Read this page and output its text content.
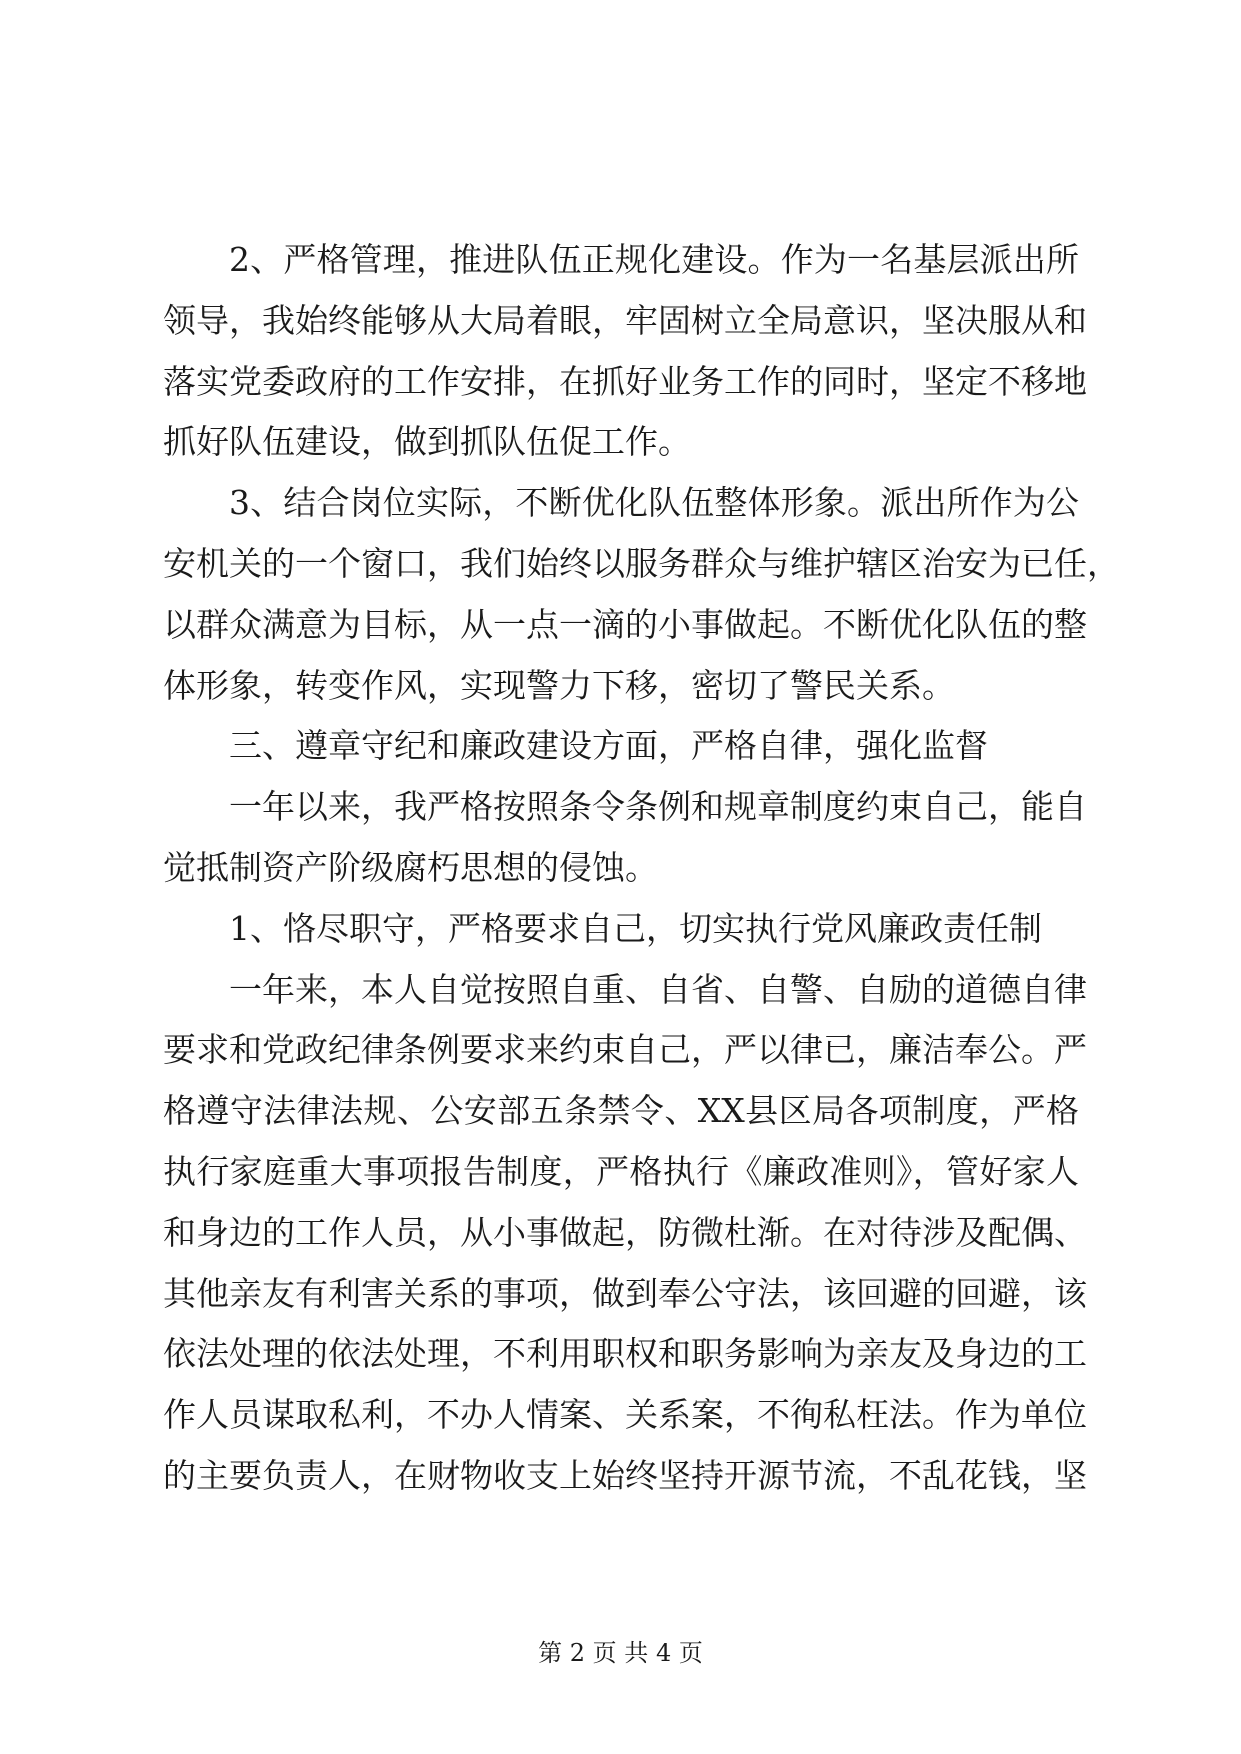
2、严格管理，推进队伍正规化建设。作为一名基层派出所
领导，我始终能够从大局着眼，牢固树立全局意识，坚决服从和
落实党委政府的工作安排，在抓好业务工作的同时，坚定不移地
抓好队伍建设，做到抓队伍促工作。
3、结合岗位实际，不断优化队伍整体形象。派出所作为公
安机关的一个窗口，我们始终以服务群众与维护辖区治安为已任，
以群众满意为目标，从一点一滴的小事做起。不断优化队伍的整
体形象，转变作风，实现警力下移，密切了警民关系。
三、遵章守纪和廉政建设方面，严格自律，强化监督
一年以来，我严格按照条令条例和规章制度约束自己，能自
觉抵制资产阶级腐朽思想的侵蚀。
1、恪尽职守，严格要求自己，切实执行党风廉政责任制
一年来，本人自觉按照自重、自省、自警、自励的道德自律
要求和党政纪律条例要求来约束自己，严以律已，廉洁奉公。严
格遵守法律法规、公安部五条禁令、XX县区局各项制度，严格
执行家庭重大事项报告制度，严格执行《廉政准则》，管好家人
和身边的工作人员，从小事做起，防微杜渐。在对待涉及配偶、
其他亲友有利害关系的事项，做到奉公守法，该回避的回避，该
依法处理的依法处理，不利用职权和职务影响为亲友及身边的工
作人员谋取私利，不办人情案、关系案，不徇私枉法。作为单位
的主要负责人，在财物收支上始终坚持开源节流，不乱花钱，坚
第 2 页 共 4 页
